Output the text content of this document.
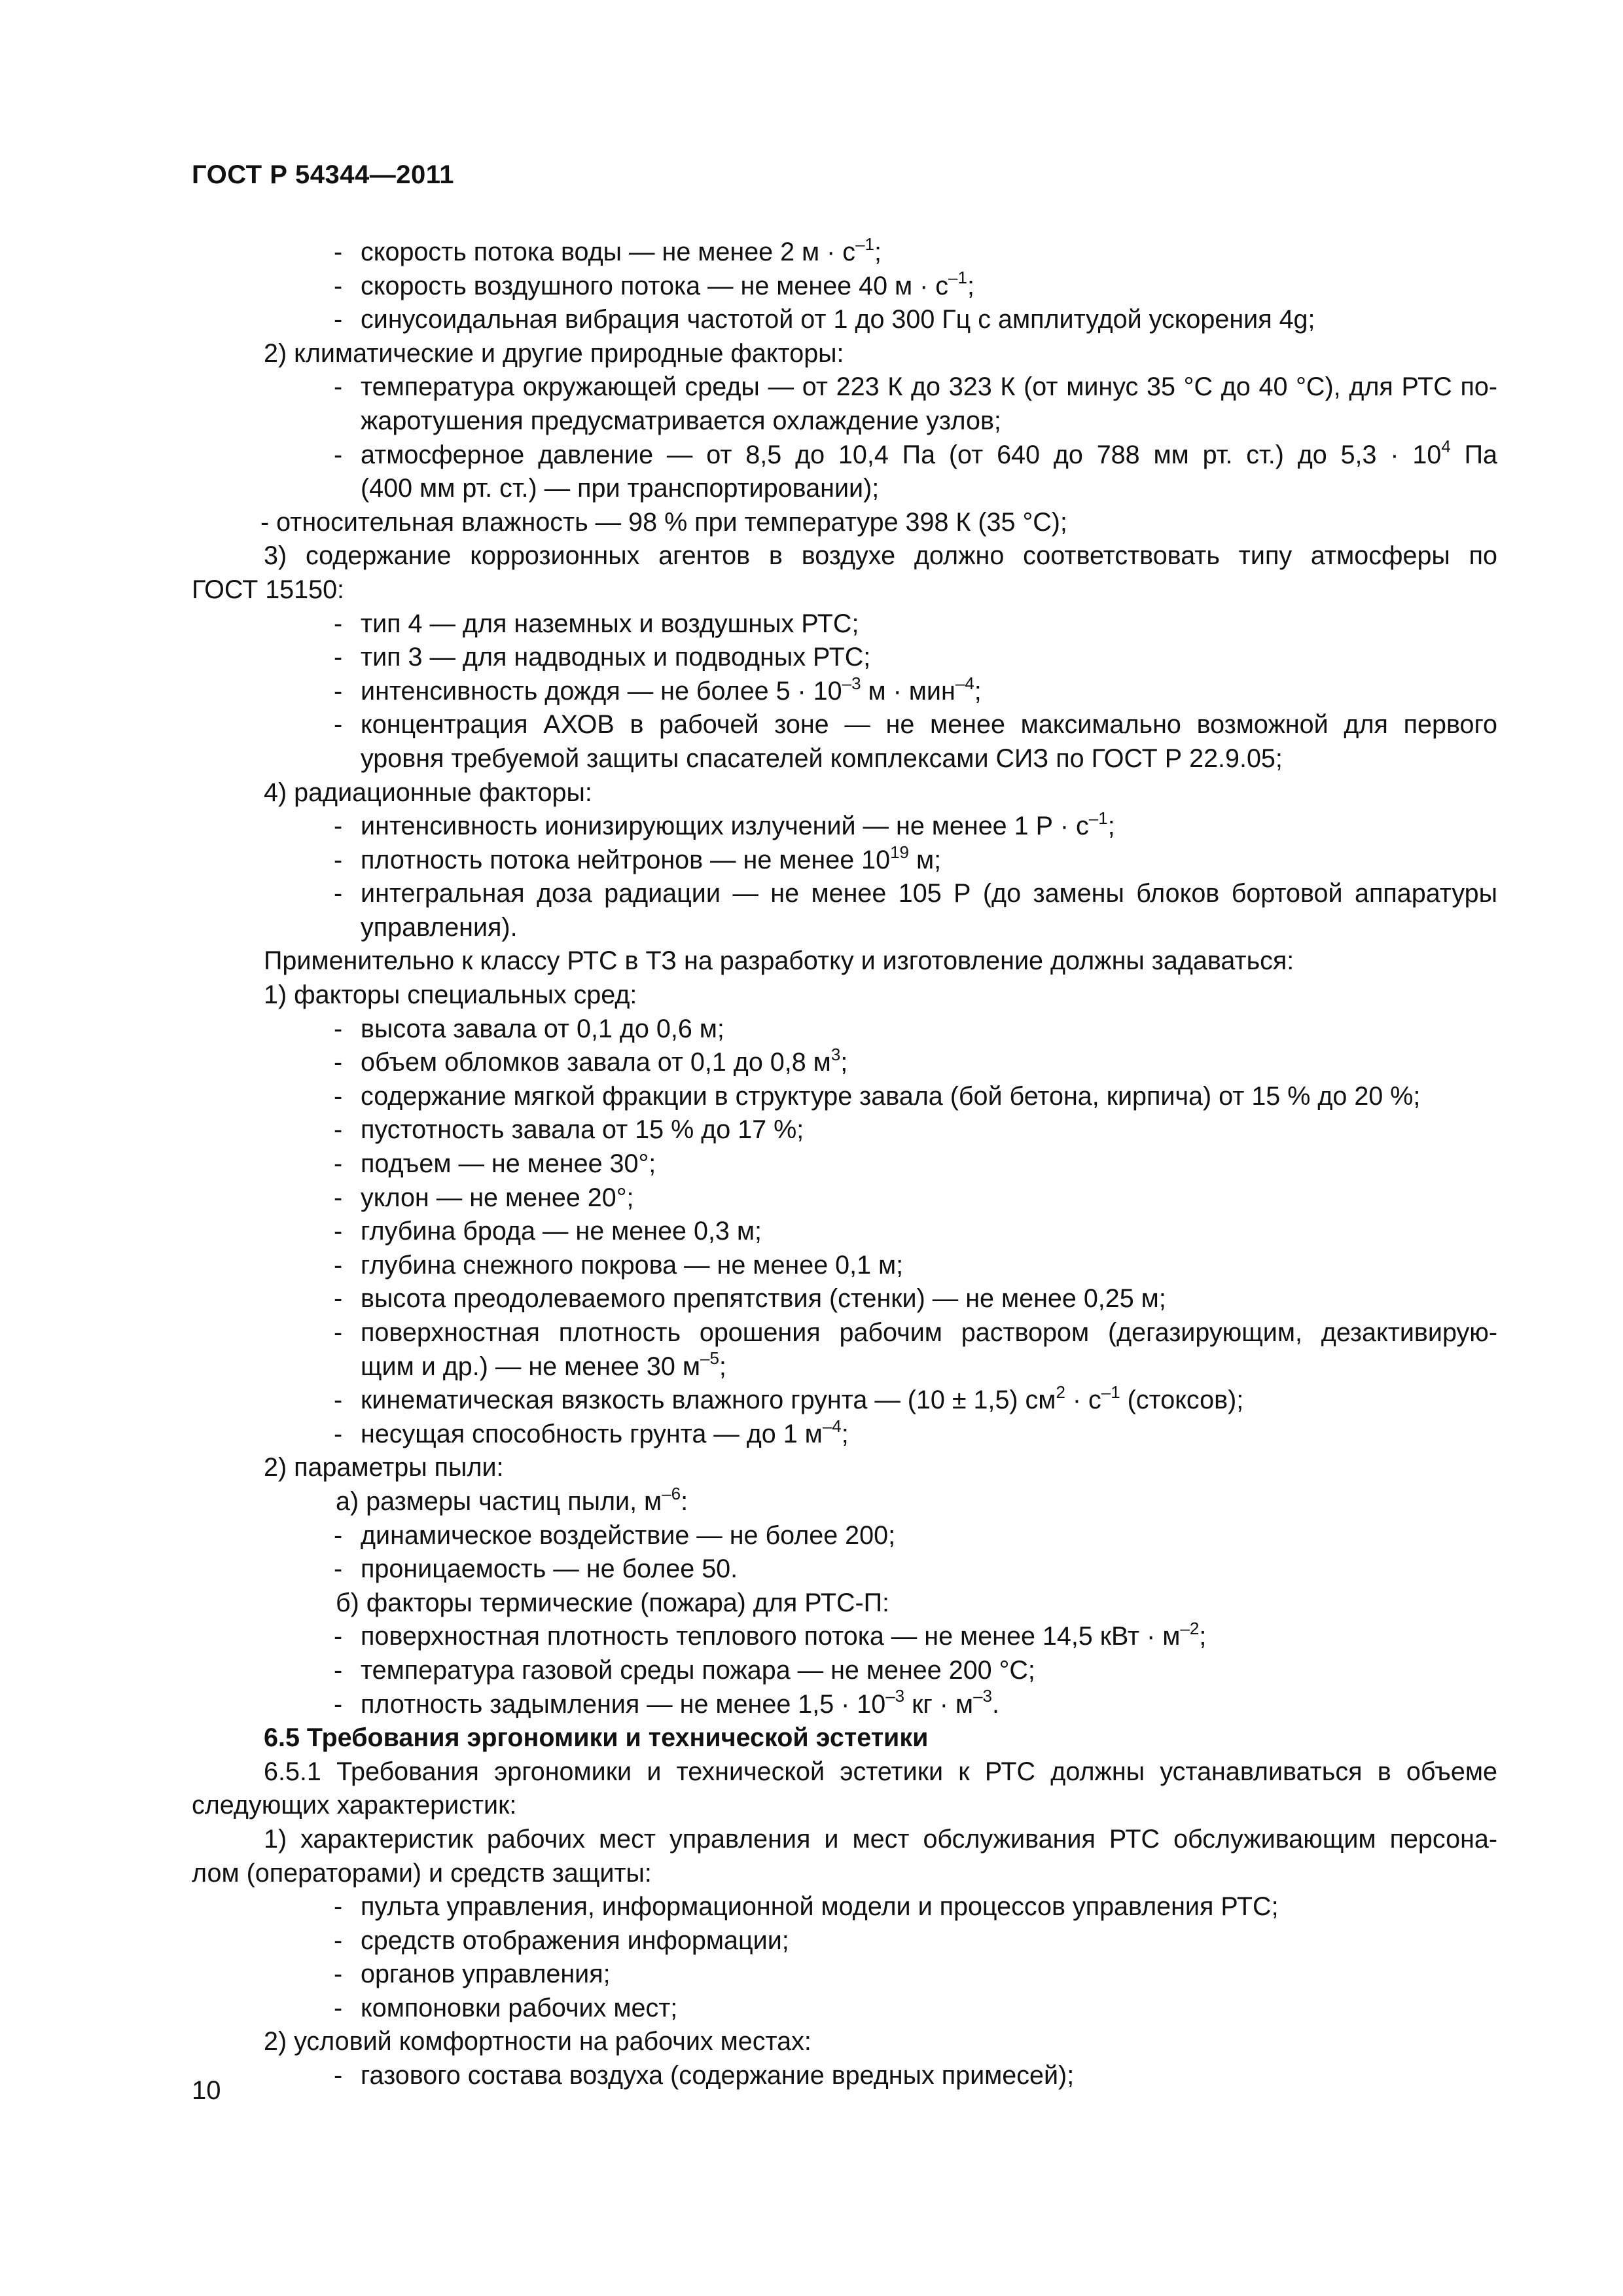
ГОСТ Р 54344—2011
- скорость потока воды — не менее 2 $м \cdot с^{-1}$;
- скорость воздушного потока — не менее 40 $м \cdot с^{-1}$;
- синусоидальная вибрация частотой от 1 до 300 Гц с амплитудой ускорения 4g;
2) климатические и другие природные факторы:
- температура окружающей среды — от 223 К до 323 К (от минус 35 °С до 40 °С), для РТС по-
жаротушения предусматривается охлаждение узлов;
- атмосферное давление — от 8,5 до 10,4 Па (от 640 до 788 мм рт. ст.) до $5,3 \cdot 10^4$ Па
(400 мм рт. ст.) — при транспортировании);
- относительная влажность — 98 % при температуре 398 К (35 °С);
3) содержание коррозионных агентов в воздухе должно соответствовать типу атмосферы по
ГОСТ 15150:
- тип 4 — для наземных и воздушных РТС;
- тип 3 — для надводных и подводных РТС;
- интенсивность дождя — не более $5 \cdot 10^{-3}$ м · мин$^{-4}$;
- концентрация АХОВ в рабочей зоне — не менее максимально возможной для первого
уровня требуемой защиты спасателей комплексами СИЗ по ГОСТ Р 22.9.05;
4) радиационные факторы:
- интенсивность ионизирующих излучений — не менее 1 $Р \cdot с^{-1}$;
- плотность потока нейтронов — не менее $10^{19}$ м;
- интегральная доза радиации — не менее 105 Р (до замены блоков бортовой аппаратуры
управления).
Применительно к классу РТС в ТЗ на разработку и изготовление должны задаваться:
1) факторы специальных сред:
- высота завала от 0,1 до 0,6 м;
- объем обломков завала от 0,1 до 0,8 $м^3$;
- содержание мягкой фракции в структуре завала (бой бетона, кирпича) от 15 % до 20 %;
- пустотность завала от 15 % до 17 %;
- подъем — не менее 30°;
- уклон — не менее 20°;
- глубина брода — не менее 0,3 м;
- глубина снежного покрова — не менее 0,1 м;
- высота преодолеваемого препятствия (стенки) — не менее 0,25 м;
- поверхностная плотность орошения рабочим раствором (дегазирующим, дезактивирую-
щим и др.) — не менее 30 $м^{-5}$;
- кинематическая вязкость влажного грунта — (10 ± 1,5) $см^2 \cdot с^{-1}$ (стоксов);
- несущая способность грунта — до 1 $м^{-4}$;
2) параметры пыли:
а) размеры частиц пыли, $м^{-6}$:
- динамическое воздействие — не более 200;
- проницаемость — не более 50.
б) факторы термические (пожара) для РТС-П:
- поверхностная плотность теплового потока — не менее 14,5 кВт · $м^{-2}$;
- температура газовой среды пожара — не менее 200 °С;
- плотность задымления — не менее $1,5 \cdot 10^{-3}$ кг · $м^{-3}$.
6.5 Требования эргономики и технической эстетики
6.5.1 Требования эргономики и технической эстетики к РТС должны устанавливаться в объеме
следующих характеристик:
1) характеристик рабочих мест управления и мест обслуживания РТС обслуживающим персона-
лом (операторами) и средств защиты:
- пульта управления, информационной модели и процессов управления РТС;
- средств отображения информации;
- органов управления;
- компоновки рабочих мест;
2) условий комфортности на рабочих местах:
- газового состава воздуха (содержание вредных примесей);
10
